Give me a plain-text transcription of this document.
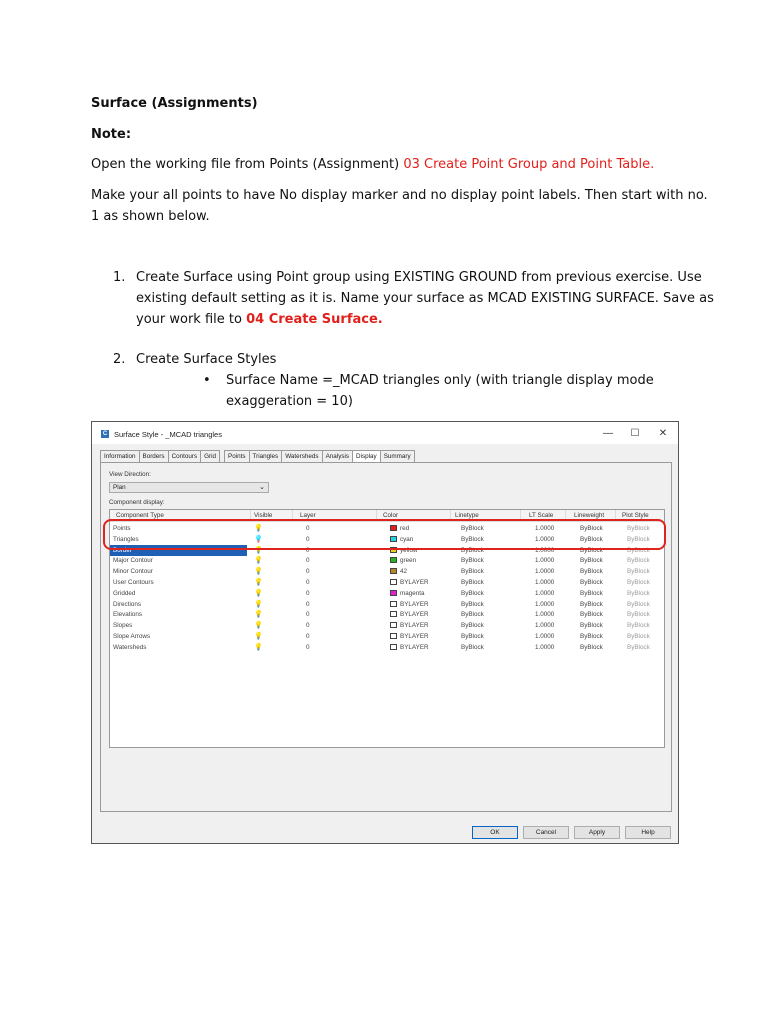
Surface (Assignments)
Note:
Open the working file from Points (Assignment) 03 Create Point Group and Point Table.
Make your all points to have No display marker and no display point labels. Then start with no.
1 as shown below.
1. Create Surface using Point group using EXISTING GROUND from previous exercise. Use
existing default setting as it is. Name your surface as MCAD EXISTING SURFACE. Save as
your work file to 04 Create Surface.
2. Create Surface Styles
• Surface Name =_MCAD triangles only (with triangle display mode
exaggeration = 10)
C Surface Style - _MCAD triangles	—	☐	✕
Information	Borders	Contours	Grid	Points	Triangles	Watersheds	Analysis	Display	Summary
View Direction:
Plan	⌄
Component display:
Component Type	Visible	Layer	Color	Linetype	LT Scale	Lineweight	Plot Style
Points	💡	0	red	ByBlock	1.0000	ByBlock	ByBlock
Triangles	💡	0	cyan	ByBlock	1.0000	ByBlock	ByBlock
Border	💡	0	yellow	ByBlock	1.0000	ByBlock	ByBlock
Major Contour	💡	0	green	ByBlock	1.0000	ByBlock	ByBlock
Minor Contour	💡	0	42	ByBlock	1.0000	ByBlock	ByBlock
User Contours	💡	0	BYLAYER	ByBlock	1.0000	ByBlock	ByBlock
Gridded	💡	0	magenta	ByBlock	1.0000	ByBlock	ByBlock
Directions	💡	0	BYLAYER	ByBlock	1.0000	ByBlock	ByBlock
Elevations	💡	0	BYLAYER	ByBlock	1.0000	ByBlock	ByBlock
Slopes	💡	0	BYLAYER	ByBlock	1.0000	ByBlock	ByBlock
Slope Arrows	💡	0	BYLAYER	ByBlock	1.0000	ByBlock	ByBlock
Watersheds	💡	0	BYLAYER	ByBlock	1.0000	ByBlock	ByBlock
OK	Cancel	Apply	Help
